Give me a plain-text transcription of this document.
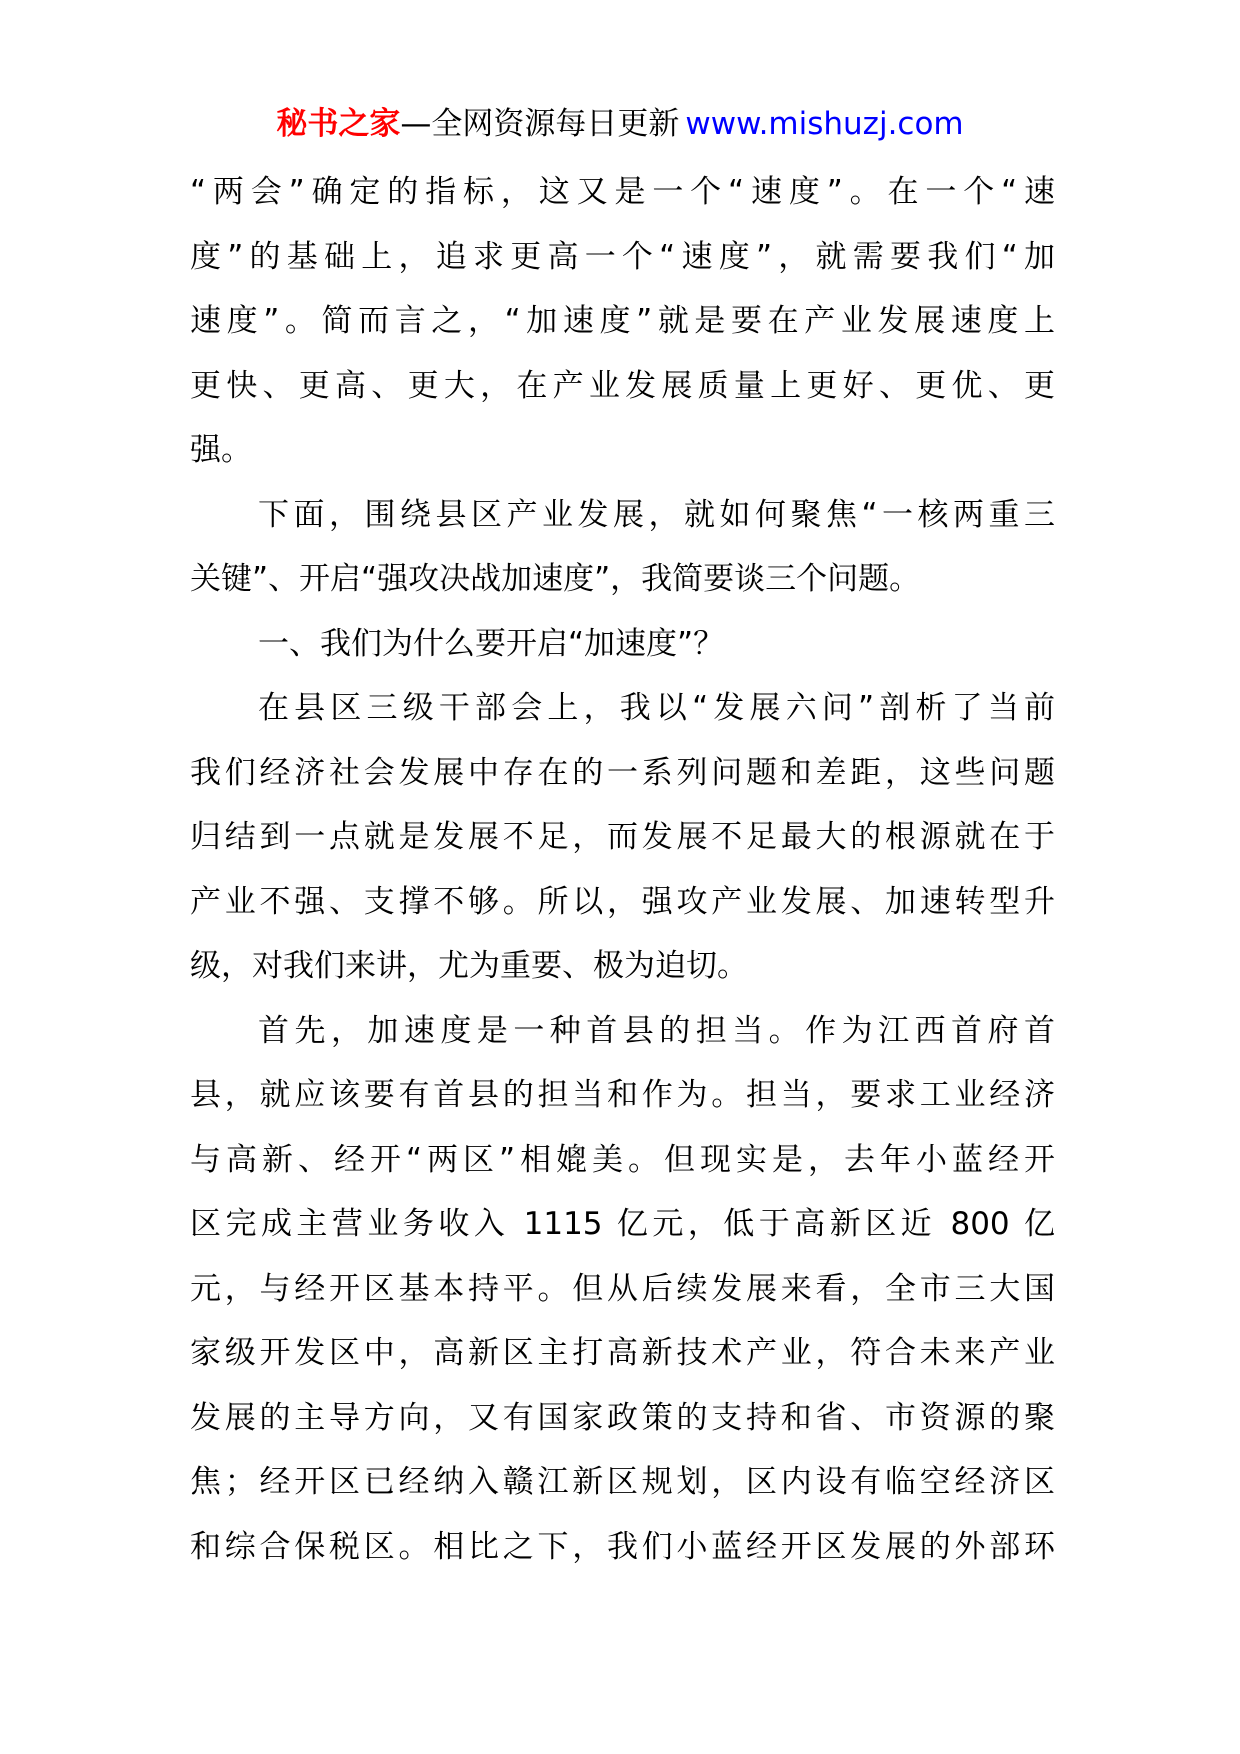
秘书之家—全网资源每日更新 www.mishuzj.com
“两会”确定的指标，这又是一个“速度”。在一个“速
度”的基础上，追求更高一个“速度”，就需要我们“加
速度”。简而言之，“加速度”就是要在产业发展速度上
更快、更高、更大，在产业发展质量上更好、更优、更
强。
下面，围绕县区产业发展，就如何聚焦“一核两重三
关键”、开启“强攻决战加速度”，我简要谈三个问题。
一、我们为什么要开启“加速度”？
在县区三级干部会上，我以“发展六问”剖析了当前
我们经济社会发展中存在的一系列问题和差距，这些问题
归结到一点就是发展不足，而发展不足最大的根源就在于
产业不强、支撑不够。所以，强攻产业发展、加速转型升
级，对我们来讲，尤为重要、极为迫切。
首先，加速度是一种首县的担当。作为江西首府首
县，就应该要有首县的担当和作为。担当，要求工业经济
与高新、经开“两区”相媲美。但现实是，去年小蓝经开
区完成主营业务收入 1115 亿元，低于高新区近 800 亿
元，与经开区基本持平。但从后续发展来看，全市三大国
家级开发区中，高新区主打高新技术产业，符合未来产业
发展的主导方向，又有国家政策的支持和省、市资源的聚
焦；经开区已经纳入赣江新区规划，区内设有临空经济区
和综合保税区。相比之下，我们小蓝经开区发展的外部环
